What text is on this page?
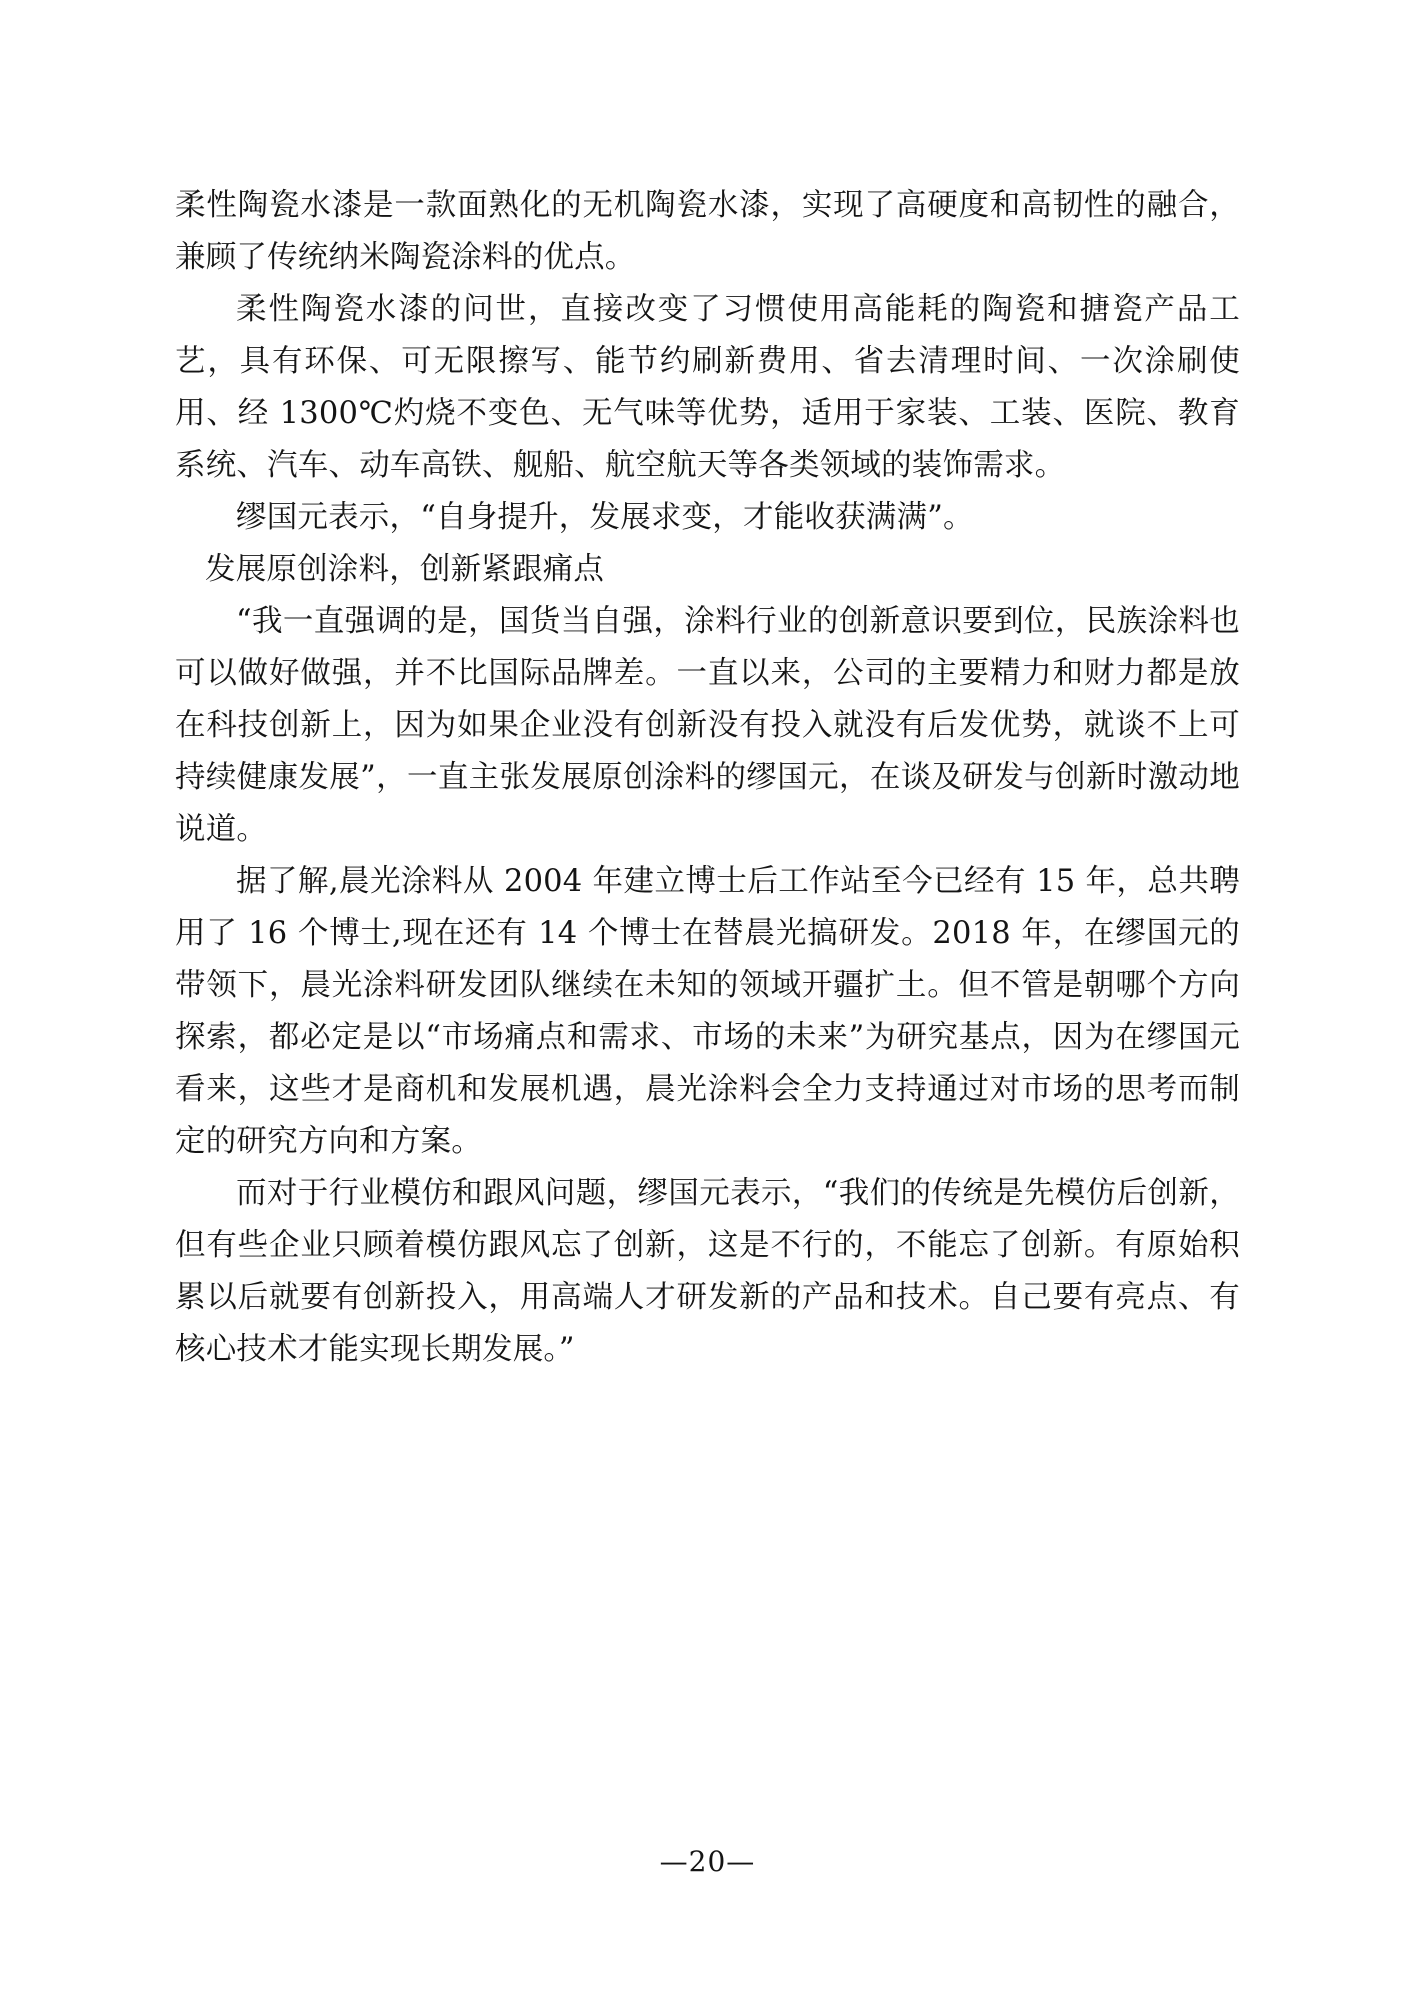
柔性陶瓷水漆是一款面熟化的无机陶瓷水漆，实现了高硬度和高韧性的融合，兼顾了传统纳米陶瓷涂料的优点。

柔性陶瓷水漆的问世，直接改变了习惯使用高能耗的陶瓷和搪瓷产品工艺，具有环保、可无限擦写、能节约刷新费用、省去清理时间、一次涂刷使用、经 1300℃灼烧不变色、无气味等优势，适用于家装、工装、医院、教育系统、汽车、动车高铁、舰船、航空航天等各类领域的装饰需求。

缪国元表示，“自身提升，发展求变，才能收获满满”。

发展原创涂料，创新紧跟痛点

“我一直强调的是，国货当自强，涂料行业的创新意识要到位，民族涂料也可以做好做强，并不比国际品牌差。一直以来，公司的主要精力和财力都是放在科技创新上，因为如果企业没有创新没有投入就没有后发优势，就谈不上可持续健康发展”，一直主张发展原创涂料的缪国元，在谈及研发与创新时激动地说道。

据了解,晨光涂料从 2004 年建立博士后工作站至今已经有 15 年，总共聘用了 16 个博士,现在还有 14 个博士在替晨光搞研发。2018 年，在缪国元的带领下，晨光涂料研发团队继续在未知的领域开疆扩土。但不管是朝哪个方向探索，都必定是以“市场痛点和需求、市场的未来”为研究基点，因为在缪国元看来，这些才是商机和发展机遇，晨光涂料会全力支持通过对市场的思考而制定的研究方向和方案。

而对于行业模仿和跟风问题，缪国元表示，“我们的传统是先模仿后创新，但有些企业只顾着模仿跟风忘了创新，这是不行的，不能忘了创新。有原始积累以后就要有创新投入，用高端人才研发新的产品和技术。自己要有亮点、有核心技术才能实现长期发展。”

—20—
